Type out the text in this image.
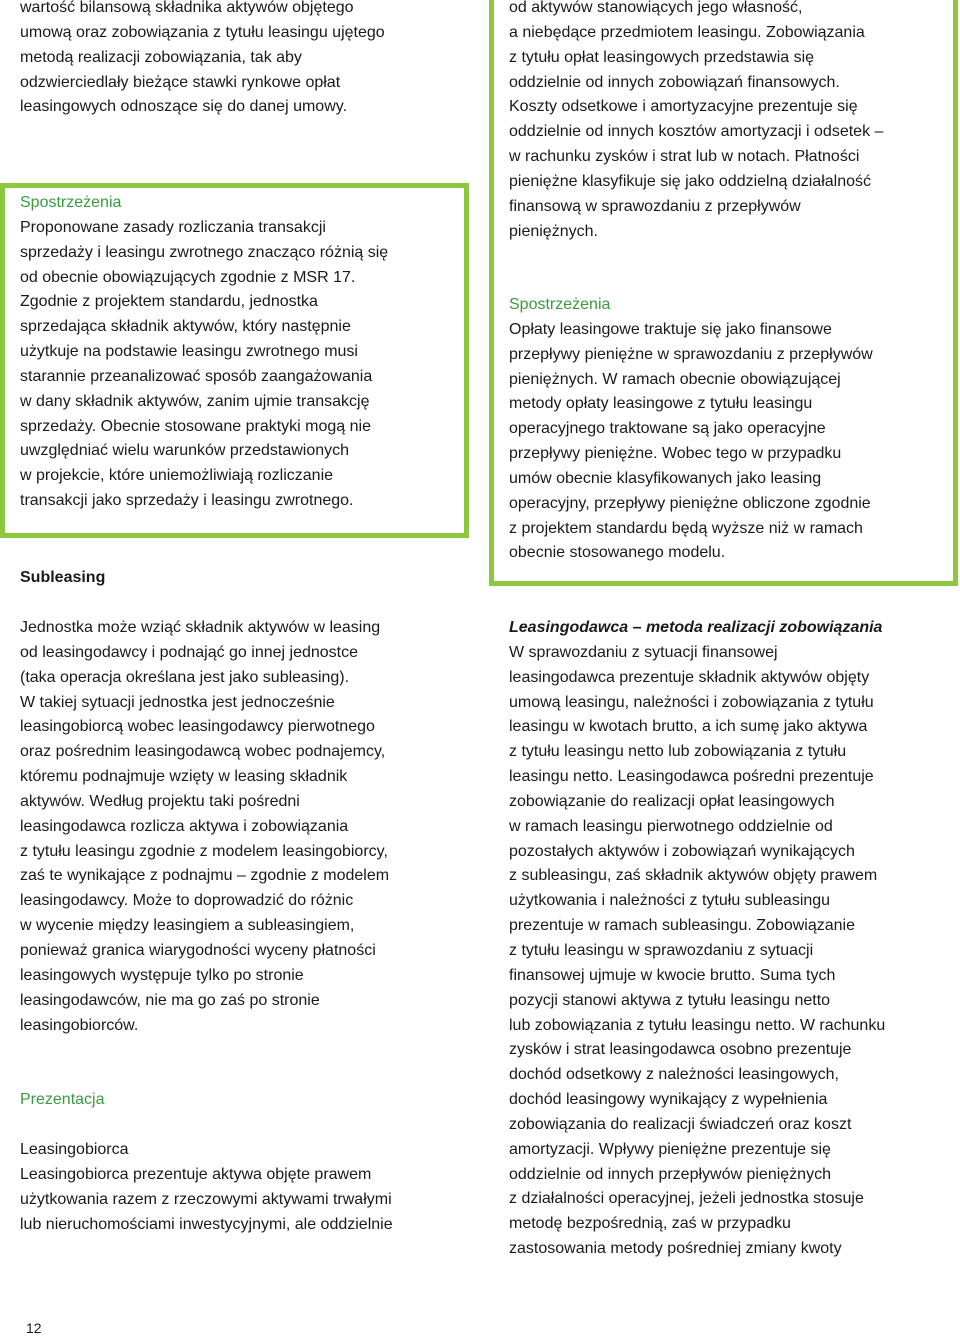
wartość bilansową składnika aktywów objętego
umową oraz zobowiązania z tytułu leasingu ujętego
metodą realizacji zobowiązania, tak aby
odzwierciedlały bieżące stawki rynkowe opłat
leasingowych odnoszące się do danej umowy.
Spostrzeżenia
Proponowane zasady rozliczania transakcji
sprzedaży i leasingu zwrotnego znacząco różnią się
od obecnie obowiązujących zgodnie z MSR 17.
Zgodnie z projektem standardu, jednostka
sprzedająca składnik aktywów, który następnie
użytkuje na podstawie leasingu zwrotnego musi
starannie przeanalizować sposób zaangażowania
w dany składnik aktywów, zanim ujmie transakcję
sprzedaży. Obecnie stosowane praktyki mogą nie
uwzględniać wielu warunków przedstawionych
w projekcie, które uniemożliwiają rozliczanie
transakcji jako sprzedaży i leasingu zwrotnego.
Subleasing
Jednostka może wziąć składnik aktywów w leasing
od leasingodawcy i podnająć go innej jednostce
(taka operacja określana jest jako subleasing).
W takiej sytuacji jednostka jest jednocześnie
leasingobiorcą wobec leasingodawcy pierwotnego
oraz pośrednim leasingodawcą wobec podnajemcy,
któremu podnajmuje wzięty w leasing składnik
aktywów. Według projektu taki pośredni
leasingodawca rozlicza aktywa i zobowiązania
z tytułu leasingu zgodnie z modelem leasingobiorcy,
zaś te wynikające z podnajmu – zgodnie z modelem
leasingodawcy. Może to doprowadzić do różnic
w wycenie między leasingiem a subleasingiem,
ponieważ granica wiarygodności wyceny płatności
leasingowych występuje tylko po stronie
leasingodawców, nie ma go zaś po stronie
leasingobiorców.
Prezentacja
Leasingobiorca
Leasingobiorca prezentuje aktywa objęte prawem
użytkowania razem z rzeczowymi aktywami trwałymi
lub nieruchomościami inwestycyjnymi, ale oddzielnie
od aktywów stanowiących jego własność,
a niebędące przedmiotem leasingu. Zobowiązania
z tytułu opłat leasingowych przedstawia się
oddzielnie od innych zobowiązań finansowych.
Koszty odsetkowe i amortyzacyjne prezentuje się
oddzielnie od innych kosztów amortyzacji i odsetek –
w rachunku zysków i strat lub w notach. Płatności
pieniężne klasyfikuje się jako oddzielną działalność
finansową w sprawozdaniu z przepływów
pieniężnych.
Spostrzeżenia
Opłaty leasingowe traktuje się jako finansowe
przepływy pieniężne w sprawozdaniu z przepływów
pieniężnych. W ramach obecnie obowiązującej
metody opłaty leasingowe z tytułu leasingu
operacyjnego traktowane są jako operacyjne
przepływy pieniężne. Wobec tego w przypadku
umów obecnie klasyfikowanych jako leasing
operacyjny, przepływy pieniężne obliczone zgodnie
z projektem standardu będą wyższe niż w ramach
obecnie stosowanego modelu.
Leasingodawca – metoda realizacji zobowiązania
W sprawozdaniu z sytuacji finansowej
leasingodawca prezentuje składnik aktywów objęty
umową leasingu, należności i zobowiązania z tytułu
leasingu w kwotach brutto, a ich sumę jako aktywa
z tytułu leasingu netto lub zobowiązania z tytułu
leasingu netto. Leasingodawca pośredni prezentuje
zobowiązanie do realizacji opłat leasingowych
w ramach leasingu pierwotnego oddzielnie od
pozostałych aktywów i zobowiązań wynikających
z subleasingu, zaś składnik aktywów objęty prawem
użytkowania i należności z tytułu subleasingu
prezentuje w ramach subleasingu. Zobowiązanie
z tytułu leasingu w sprawozdaniu z sytuacji
finansowej ujmuje w kwocie brutto. Suma tych
pozycji stanowi aktywa z tytułu leasingu netto
lub zobowiązania z tytułu leasingu netto. W rachunku
zysków i strat leasingodawca osobno prezentuje
dochód odsetkowy z należności leasingowych,
dochód leasingowy wynikający z wypełnienia
zobowiązania do realizacji świadczeń oraz koszt
amortyzacji. Wpływy pieniężne prezentuje się
oddzielnie od innych przepływów pieniężnych
z działalności operacyjnej, jeżeli jednostka stosuje
metodę bezpośrednią, zaś w przypadku
zastosowania metody pośredniej zmiany kwoty
12
